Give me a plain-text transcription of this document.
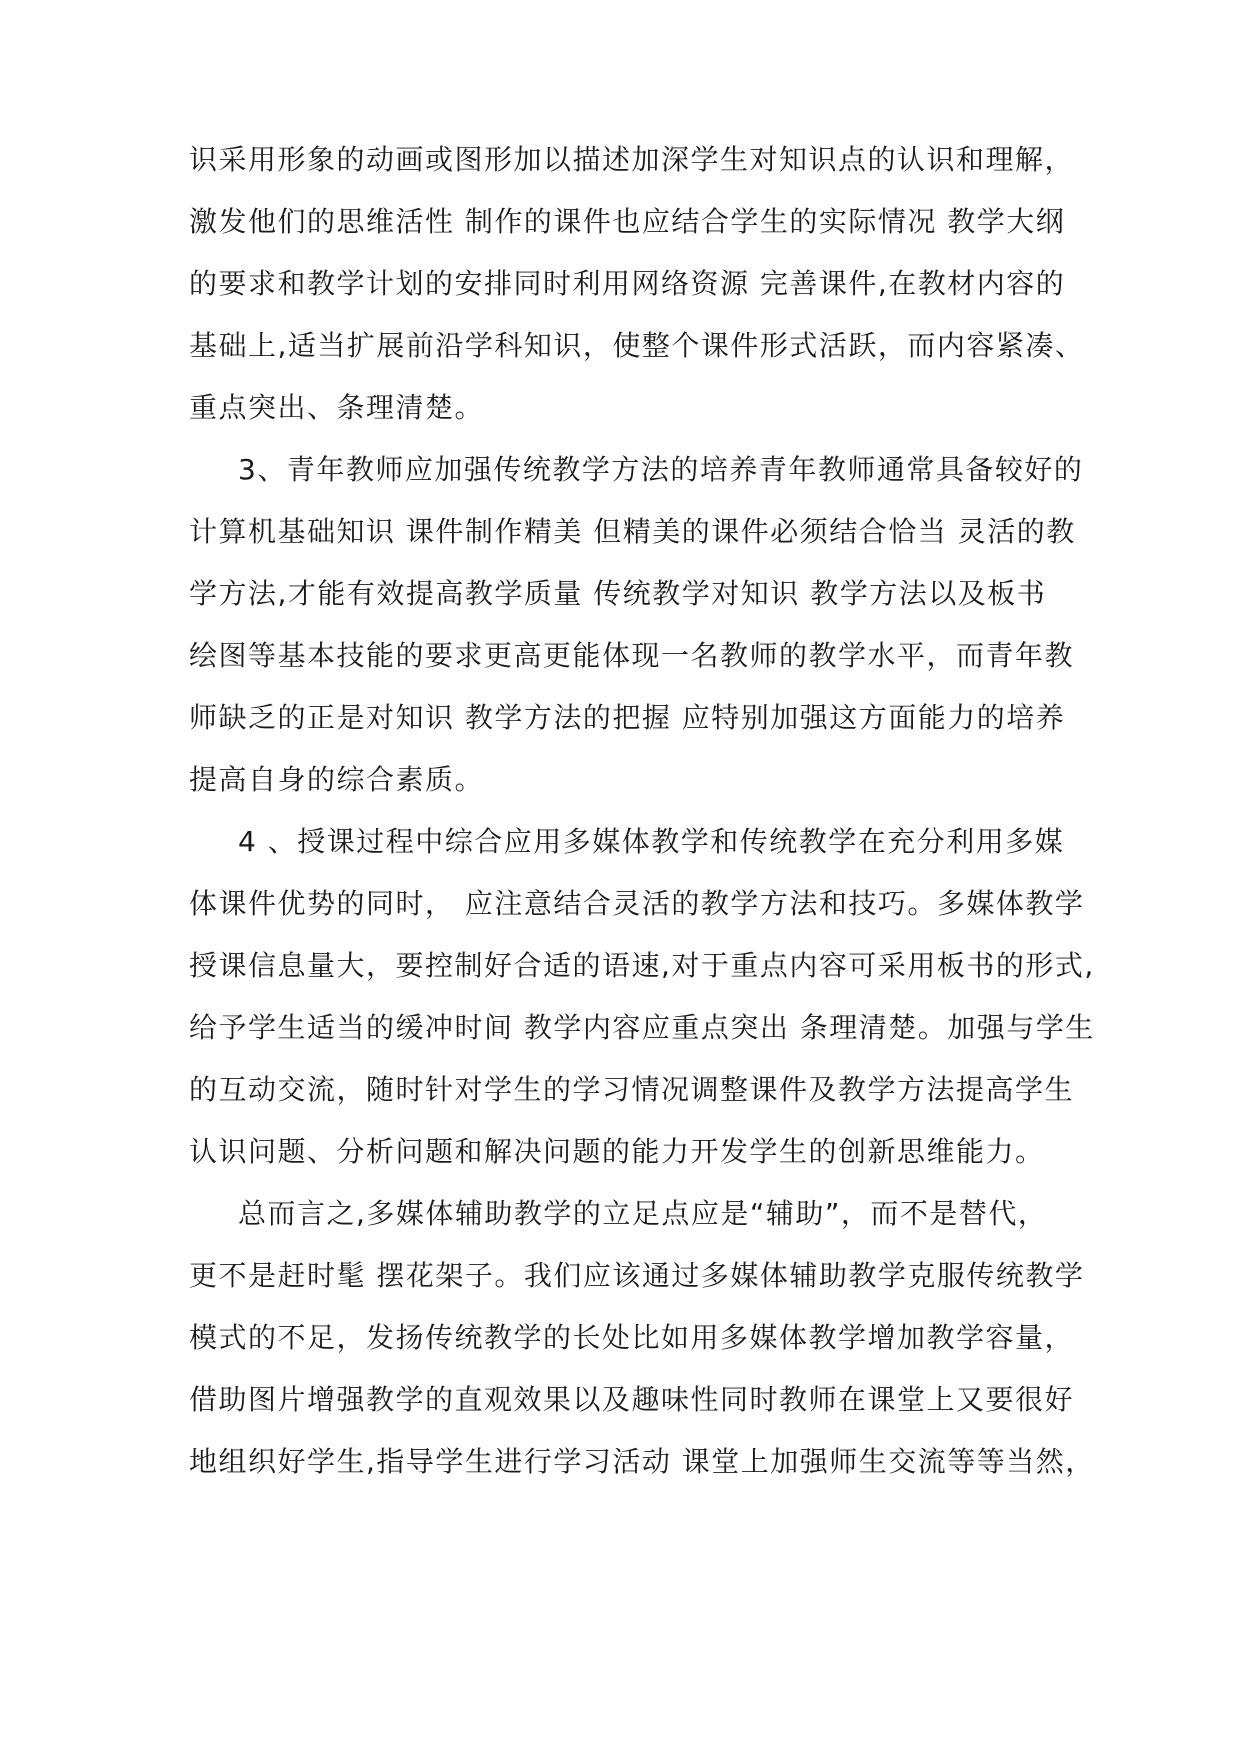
识采用形象的动画或图形加以描述加深学生对知识点的认识和理解，
激发他们的思维活性 制作的课件也应结合学生的实际情况 教学大纲
的要求和教学计划的安排同时利用网络资源 完善课件,在教材内容的
基础上,适当扩展前沿学科知识，使整个课件形式活跃，而内容紧凑、
重点突出、条理清楚。
3、青年教师应加强传统教学方法的培养青年教师通常具备较好的
计算机基础知识 课件制作精美 但精美的课件必须结合恰当 灵活的教
学方法,才能有效提高教学质量 传统教学对知识 教学方法以及板书
绘图等基本技能的要求更高更能体现一名教师的教学水平，而青年教
师缺乏的正是对知识 教学方法的把握 应特别加强这方面能力的培养
提高自身的综合素质。
4 、授课过程中综合应用多媒体教学和传统教学在充分利用多媒
体课件优势的同时， 应注意结合灵活的教学方法和技巧。多媒体教学
授课信息量大，要控制好合适的语速,对于重点内容可采用板书的形式,
给予学生适当的缓冲时间 教学内容应重点突出 条理清楚。加强与学生
的互动交流，随时针对学生的学习情况调整课件及教学方法提高学生
认识问题、分析问题和解决问题的能力开发学生的创新思维能力。
总而言之,多媒体辅助教学的立足点应是“辅助”，而不是替代，
更不是赶时髦 摆花架子。我们应该通过多媒体辅助教学克服传统教学
模式的不足，发扬传统教学的长处比如用多媒体教学增加教学容量，
借助图片增强教学的直观效果以及趣味性同时教师在课堂上又要很好
地组织好学生,指导学生进行学习活动 课堂上加强师生交流等等当然，
